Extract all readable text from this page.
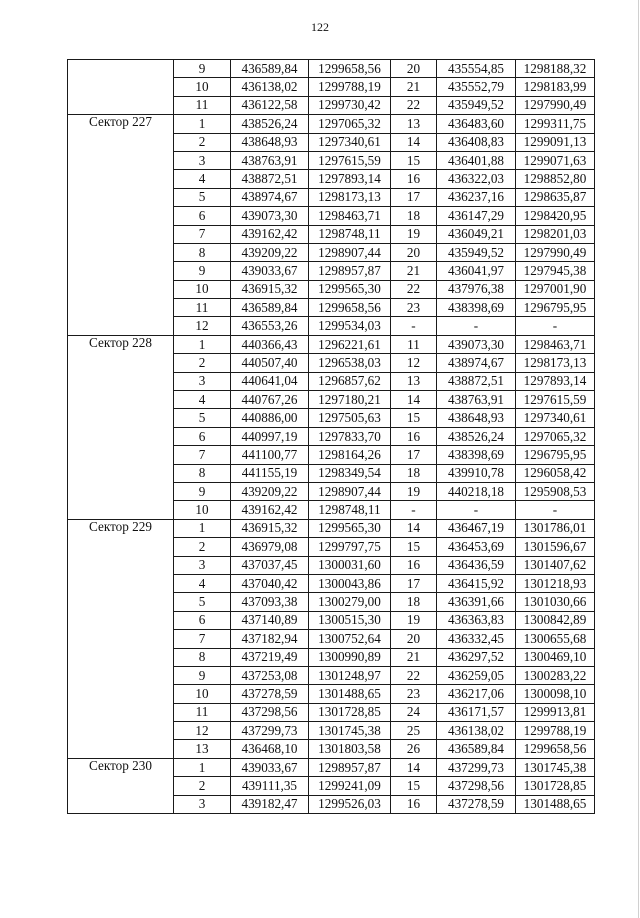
122
	9	436589,84	1299658,56	20	435554,85	1298188,32
	10	436138,02	1299788,19	21	435552,79	1298183,99
	11	436122,58	1299730,42	22	435949,52	1297990,49
Сектор 227	1	438526,24	1297065,32	13	436483,60	1299311,75
	2	438648,93	1297340,61	14	436408,83	1299091,13
	3	438763,91	1297615,59	15	436401,88	1299071,63
	4	438872,51	1297893,14	16	436322,03	1298852,80
	5	438974,67	1298173,13	17	436237,16	1298635,87
	6	439073,30	1298463,71	18	436147,29	1298420,95
	7	439162,42	1298748,11	19	436049,21	1298201,03
	8	439209,22	1298907,44	20	435949,52	1297990,49
	9	439033,67	1298957,87	21	436041,97	1297945,38
	10	436915,32	1299565,30	22	437976,38	1297001,90
	11	436589,84	1299658,56	23	438398,69	1296795,95
	12	436553,26	1299534,03	-	-	-
Сектор 228	1	440366,43	1296221,61	11	439073,30	1298463,71
	2	440507,40	1296538,03	12	438974,67	1298173,13
	3	440641,04	1296857,62	13	438872,51	1297893,14
	4	440767,26	1297180,21	14	438763,91	1297615,59
	5	440886,00	1297505,63	15	438648,93	1297340,61
	6	440997,19	1297833,70	16	438526,24	1297065,32
	7	441100,77	1298164,26	17	438398,69	1296795,95
	8	441155,19	1298349,54	18	439910,78	1296058,42
	9	439209,22	1298907,44	19	440218,18	1295908,53
	10	439162,42	1298748,11	-	-	-
Сектор 229	1	436915,32	1299565,30	14	436467,19	1301786,01
	2	436979,08	1299797,75	15	436453,69	1301596,67
	3	437037,45	1300031,60	16	436436,59	1301407,62
	4	437040,42	1300043,86	17	436415,92	1301218,93
	5	437093,38	1300279,00	18	436391,66	1301030,66
	6	437140,89	1300515,30	19	436363,83	1300842,89
	7	437182,94	1300752,64	20	436332,45	1300655,68
	8	437219,49	1300990,89	21	436297,52	1300469,10
	9	437253,08	1301248,97	22	436259,05	1300283,22
	10	437278,59	1301488,65	23	436217,06	1300098,10
	11	437298,56	1301728,85	24	436171,57	1299913,81
	12	437299,73	1301745,38	25	436138,02	1299788,19
	13	436468,10	1301803,58	26	436589,84	1299658,56
Сектор 230	1	439033,67	1298957,87	14	437299,73	1301745,38
	2	439111,35	1299241,09	15	437298,56	1301728,85
	3	439182,47	1299526,03	16	437278,59	1301488,65
